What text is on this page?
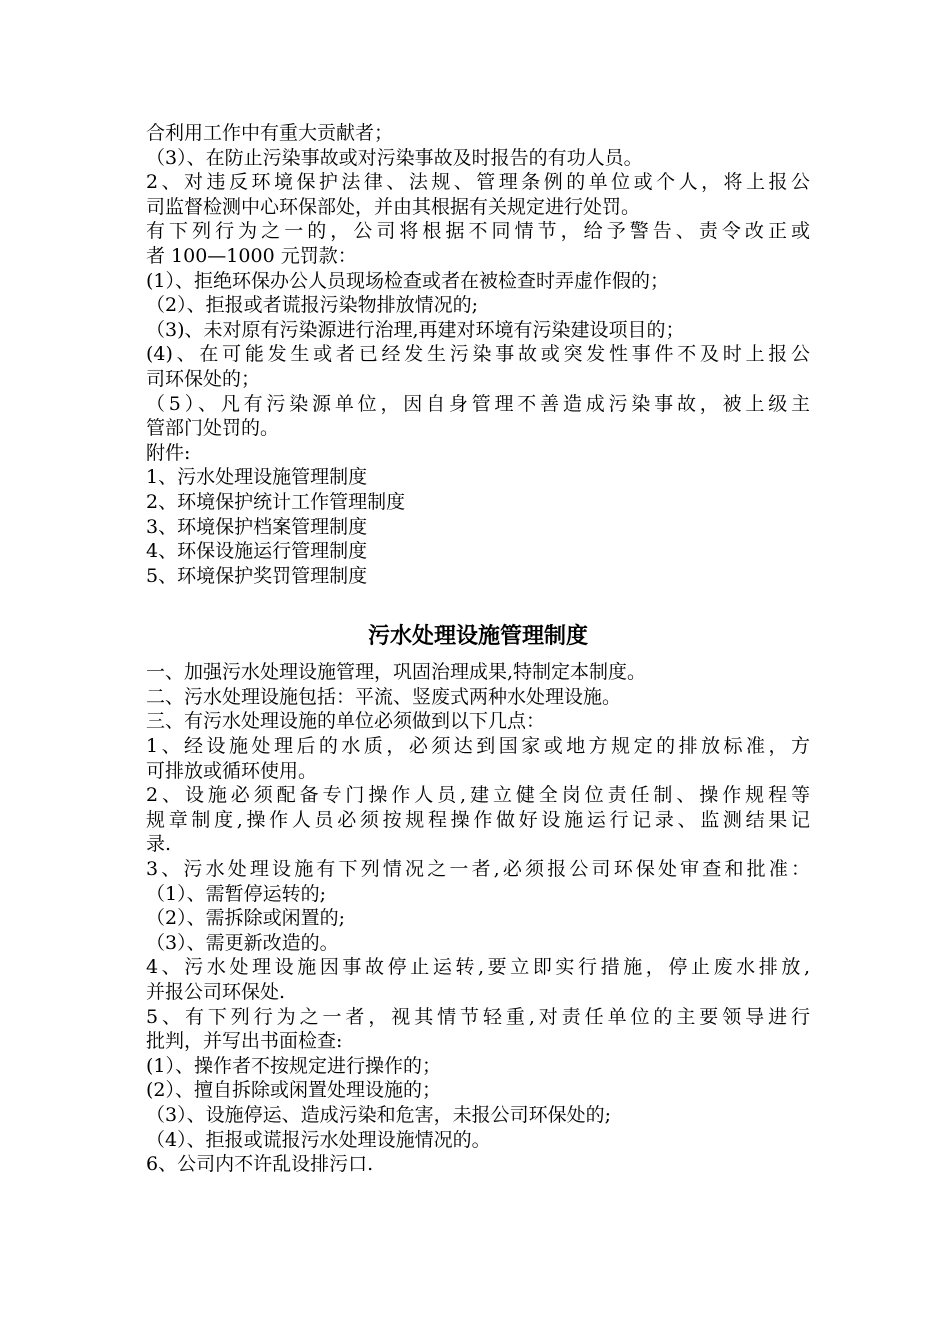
合利用工作中有重大贡献者；
（3）、在防止污染事故或对污染事故及时报告的有功人员。
2、对违反环境保护法律、法规、管理条例的单位或个人，将上报公
司监督检测中心环保部处，并由其根据有关规定进行处罚。
有下列行为之一的，公司将根据不同情节，给予警告、责令改正或
者 100—1000 元罚款：
(1）、拒绝环保办公人员现场检查或者在被检查时弄虚作假的；
（2）、拒报或者谎报污染物排放情况的;
（3)、未对原有污染源进行治理,再建对环境有污染建设项目的；
(4)、在可能发生或者已经发生污染事故或突发性事件不及时上报公
司环保处的；
（5）、凡有污染源单位，因自身管理不善造成污染事故，被上级主
管部门处罚的。
附件:
1、污水处理设施管理制度
2、环境保护统计工作管理制度
3、环境保护档案管理制度
4、环保设施运行管理制度
5、环境保护奖罚管理制度
污水处理设施管理制度
一、加强污水处理设施管理，巩固治理成果,特制定本制度。
二、污水处理设施包括：平流、竖废式两种水处理设施。
三、有污水处理设施的单位必须做到以下几点：
1、经设施处理后的水质，必须达到国家或地方规定的排放标准，方
可排放或循环使用。
2、设施必须配备专门操作人员,建立健全岗位责任制、操作规程等
规章制度,操作人员必须按规程操作做好设施运行记录、监测结果记
录.
3、污水处理设施有下列情况之一者,必须报公司环保处审查和批准：
（1）、需暂停运转的;
（2）、需拆除或闲置的;
（3）、需更新改造的。
4、污水处理设施因事故停止运转,要立即实行措施，停止废水排放,
并报公司环保处.
5、有下列行为之一者，视其情节轻重,对责任单位的主要领导进行
批判，并写出书面检查:
(1）、操作者不按规定进行操作的；
(2）、擅自拆除或闲置处理设施的；
（3）、设施停运、造成污染和危害，未报公司环保处的;
（4）、拒报或谎报污水处理设施情况的。
6、公司内不许乱设排污口.
